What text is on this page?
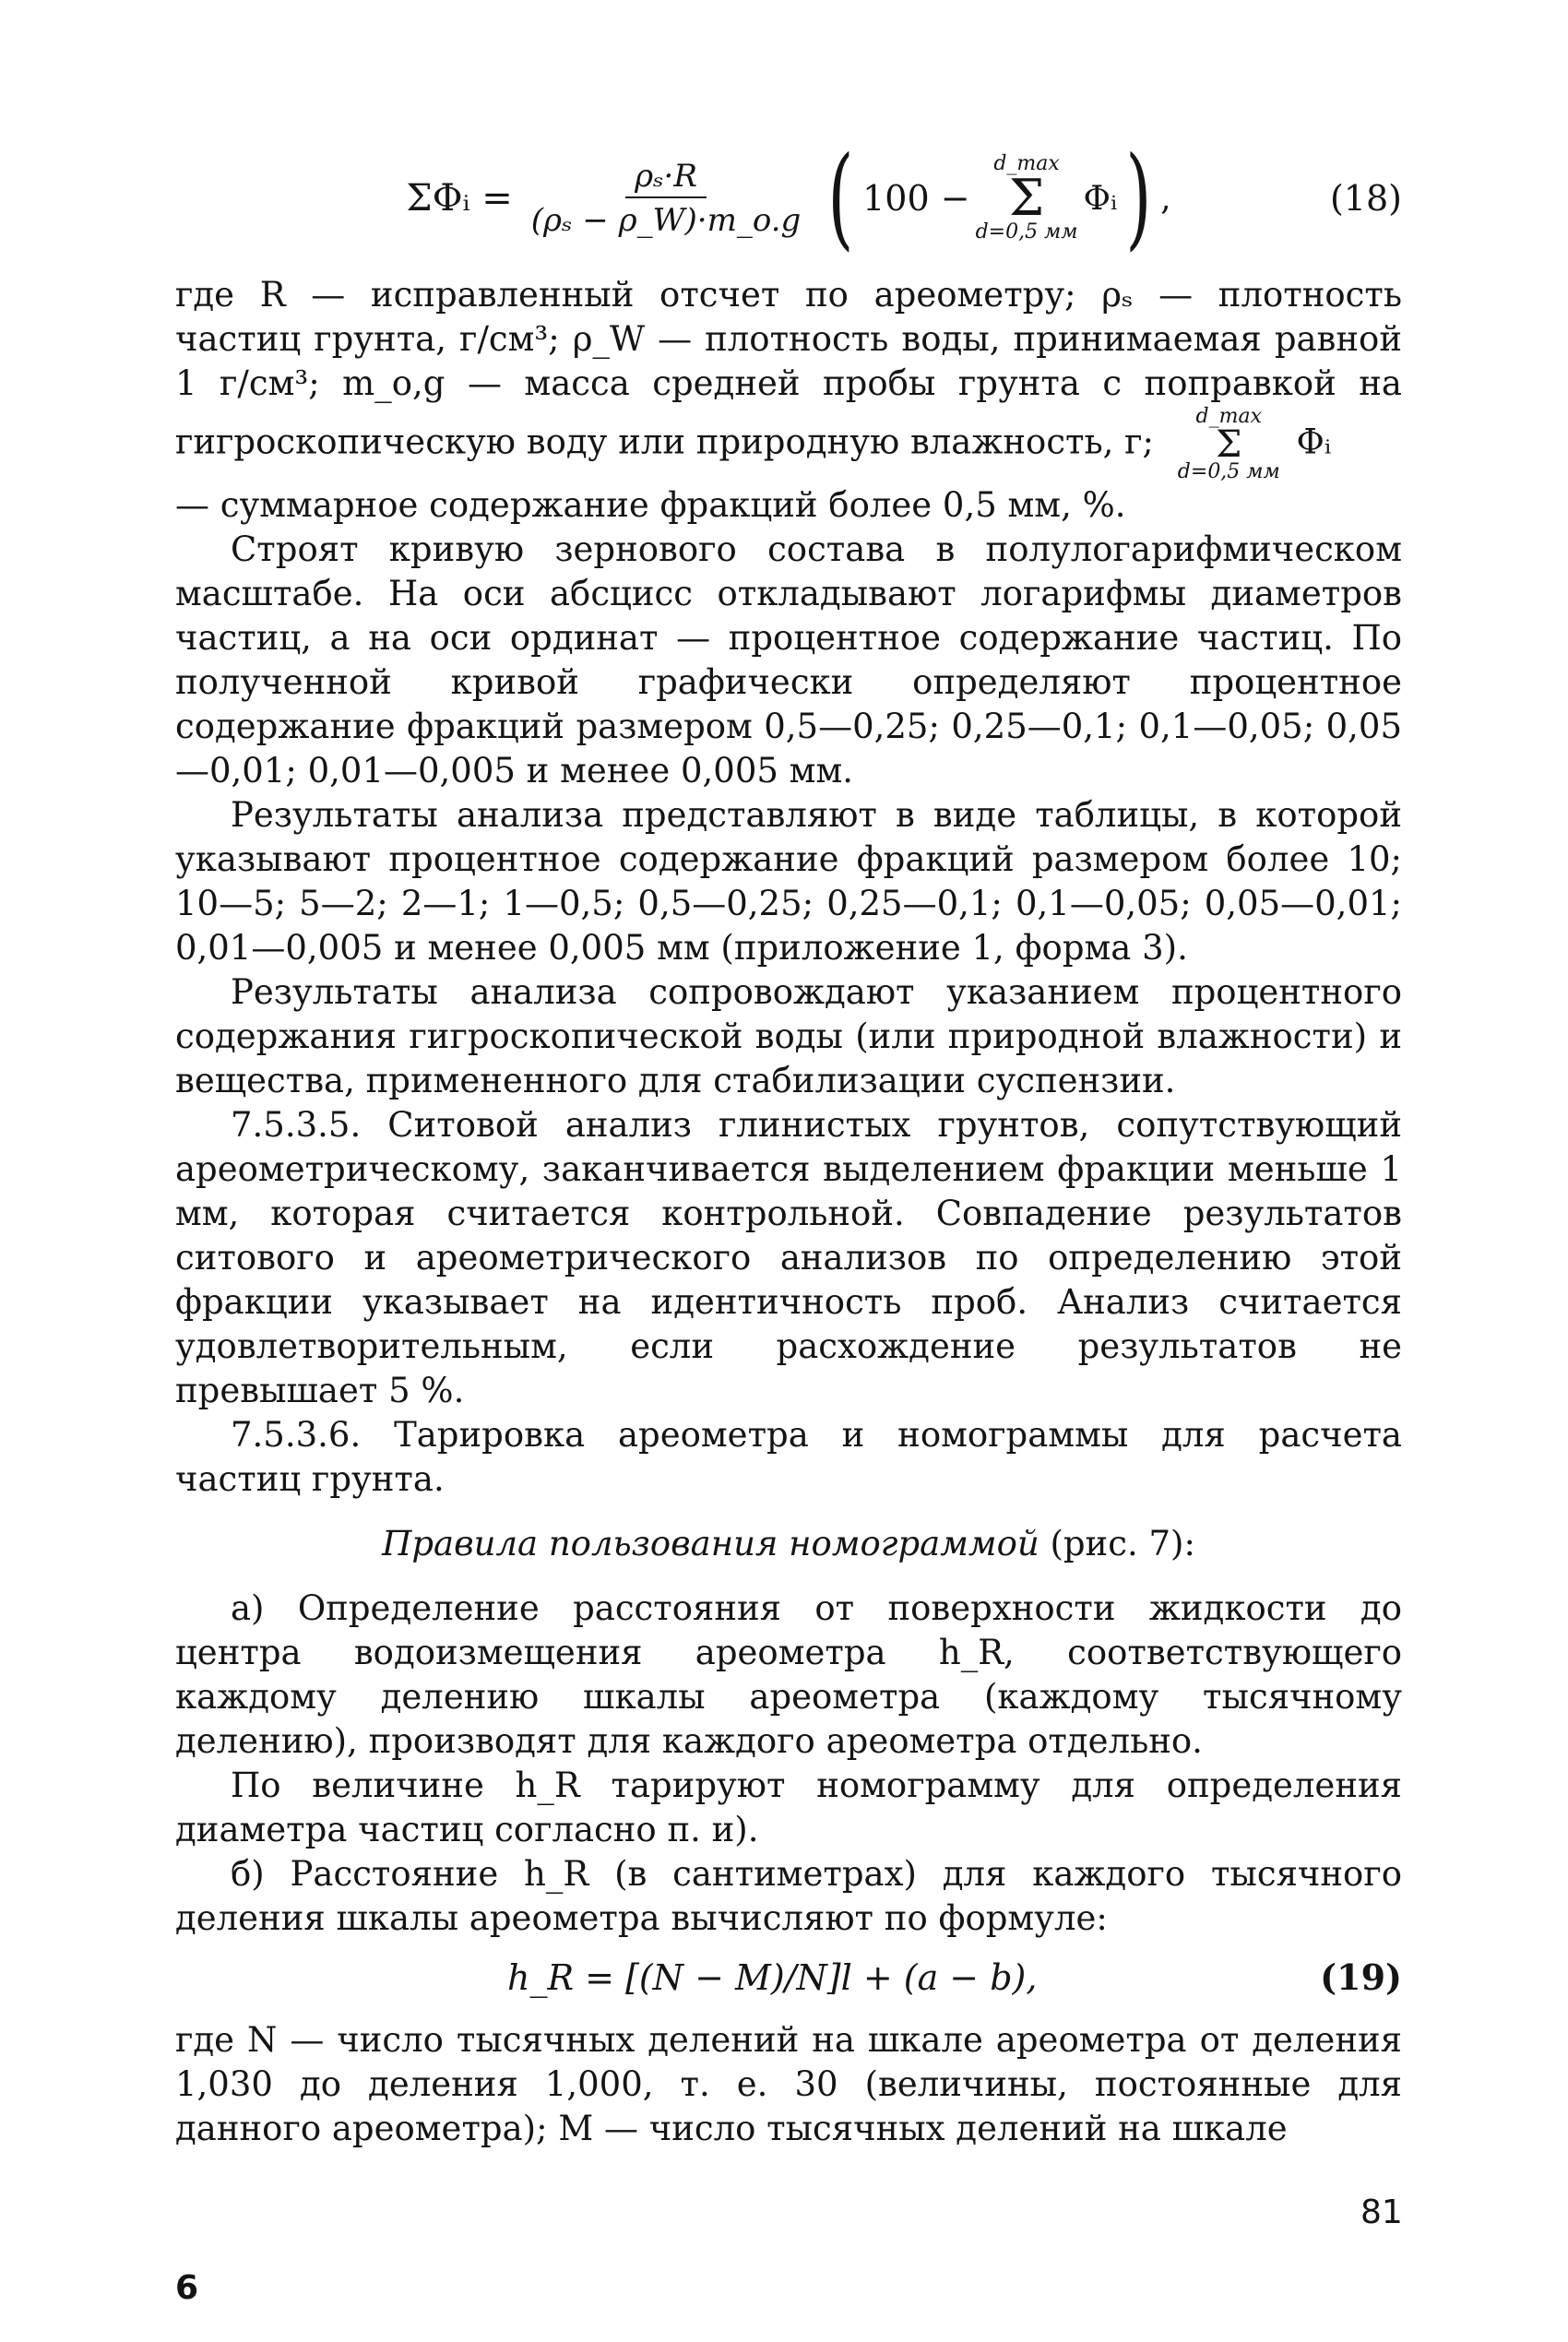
ΣΦᵢ = $\frac{\text{ρₛ·R}}{\text{(ρₛ − ρ\_W)·m\_o.g}}$ ( 100 −
d_max
Σ
d=0,5 мм
Φᵢ ) ,	(18)

где R — исправленный отсчет по ареометру; ρₛ — плотность частиц грунта, г/см³; ρ_W — плотность воды, принимаемая равной 1 г/см³; m_o,g — масса средней пробы грунта с поправкой на гигроскопическую воду или природную влажность, г;
d_max
Σ
d=0,5 мм
Φᵢ

— суммарное содержание фракций более 0,5 мм, %.

Строят кривую зернового состава в полулогарифмическом масштабе. На оси абсцисс откладывают логарифмы диаметров частиц, а на оси ординат — процентное содержание частиц. По полученной кривой графически определяют процентное содержание фракций размером 0,5—0,25; 0,25—0,1; 0,1—0,05; 0,05—0,01; 0,01—0,005 и менее 0,005 мм.

Результаты анализа представляют в виде таблицы, в которой указывают процентное содержание фракций размером более 10; 10—5; 5—2; 2—1; 1—0,5; 0,5—0,25; 0,25—0,1; 0,1—0,05; 0,05—0,01; 0,01—0,005 и менее 0,005 мм (приложение 1, форма 3).

Результаты анализа сопровождают указанием процентного содержания гигроскопической воды (или природной влажности) и вещества, примененного для стабилизации суспензии.

7.5.3.5. Ситовой анализ глинистых грунтов, сопутствующий ареометрическому, заканчивается выделением фракции меньше 1 мм, которая считается контрольной. Совпадение результатов ситового и ареометрического анализов по определению этой фракции указывает на идентичность проб. Анализ считается удовлетворительным, если расхождение результатов не превышает 5 %.

7.5.3.6. Тарировка ареометра и номограммы для расчета частиц грунта.

Правила пользования номограммой (рис. 7):

а) Определение расстояния от поверхности жидкости до центра водоизмещения ареометра h_R, соответствующего каждому делению шкалы ареометра (каждому тысячному делению), производят для каждого ареометра отдельно.

По величине h_R тарируют номограмму для определения диаметра частиц согласно п. и).

б) Расстояние h_R (в сантиметрах) для каждого тысячного деления шкалы ареометра вычисляют по формуле:

h_R = [(N − M)/N]l + (a − b),	(19)

где N — число тысячных делений на шкале ареометра от деления 1,030 до деления 1,000, т. е. 30 (величины, постоянные для данного ареометра); M — число тысячных делений на шкале

81
6
